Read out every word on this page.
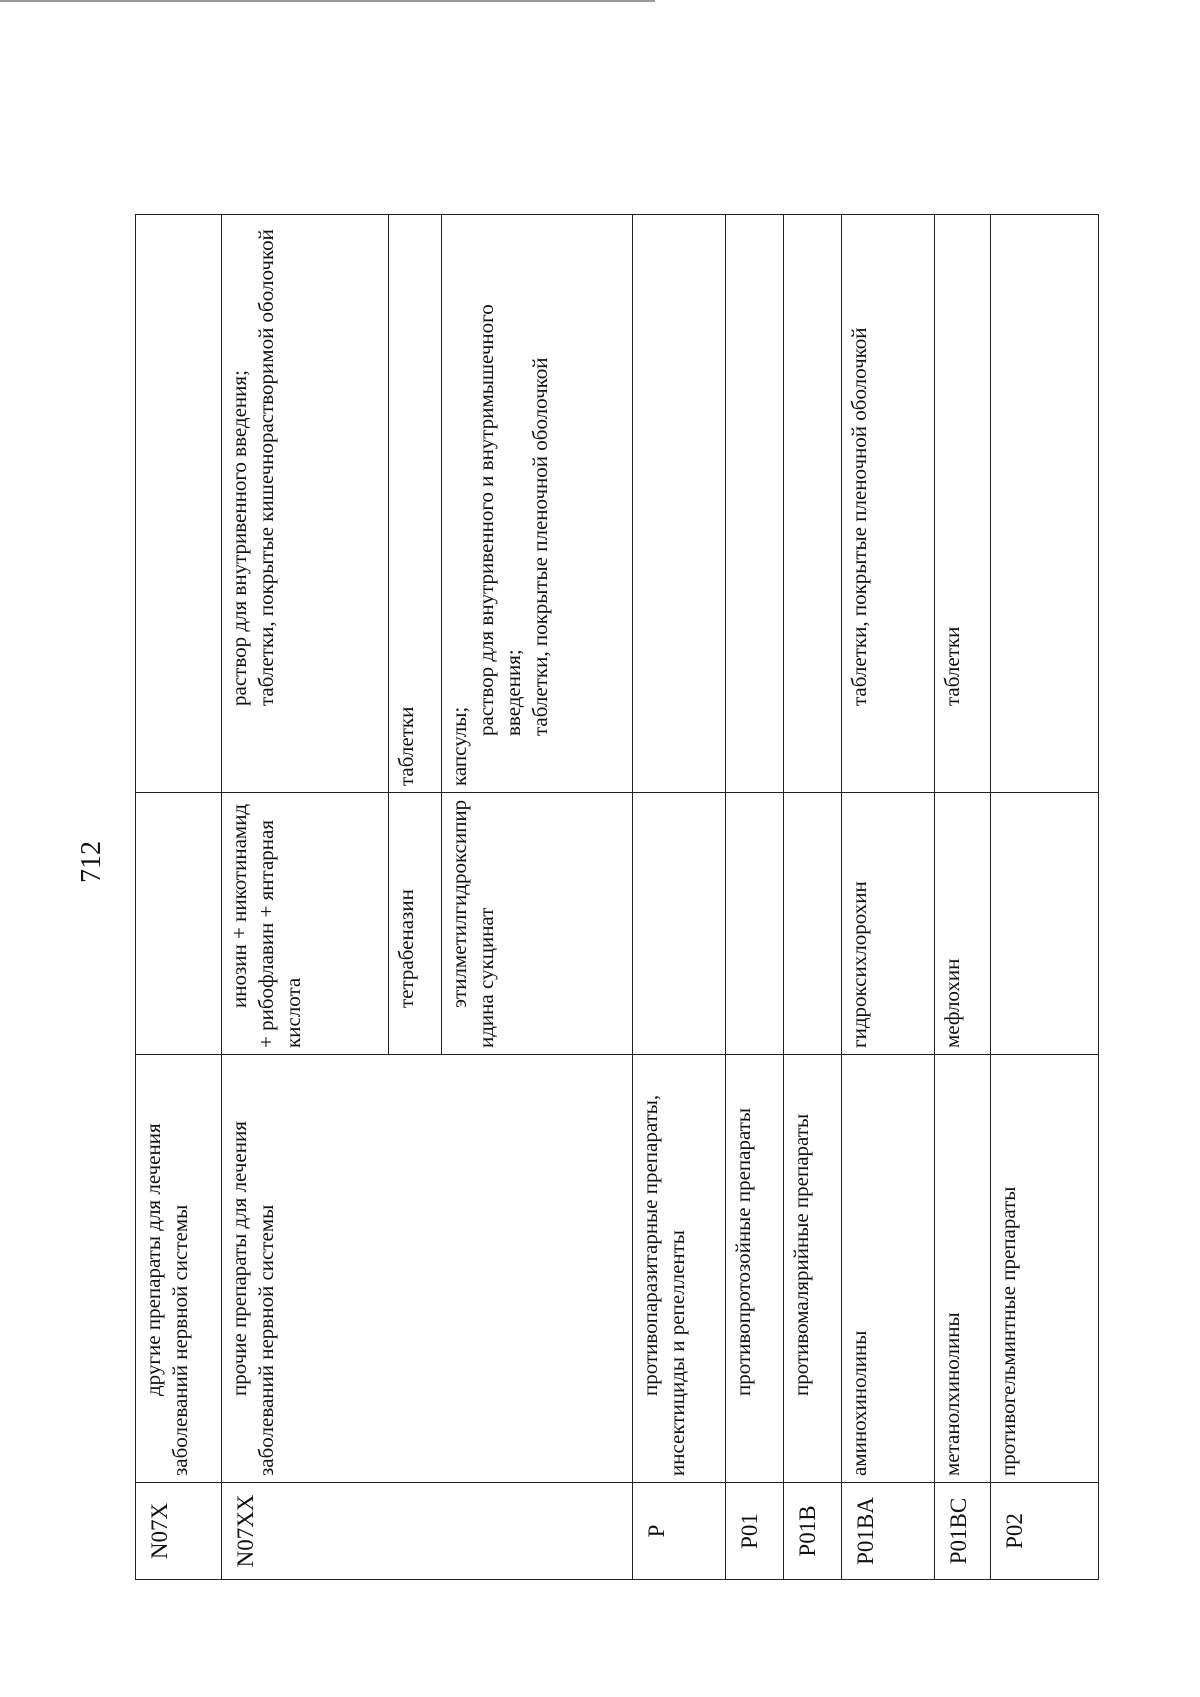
712
N07X	другие препараты для лечения заболеваний нервной системы		
N07XX	прочие препараты для лечения заболеваний нервной системы	инозин + никотинамид + рибофлавин + янтарная кислота	раствор для внутривенного введения; таблетки, покрытые кишечнорастворимой оболочкой

		тетрабеназин	таблетки

		этилметилгидроксипиридина сукцинат	капсулы;
раствор для внутривенного и внутримышечного введения; таблетки, покрытые пленочной оболочкой

P	противопаразитарные препараты, инсектициды и репелленты		
P01	противопротозойные препараты		
P01B	противомалярийные препараты		
P01BA	аминохинолины	гидроксихлорохин	таблетки, покрытые пленочной оболочкой
P01BC	метанолхинолины	мефлохин	таблетки
P02	противогельминтные препараты		
